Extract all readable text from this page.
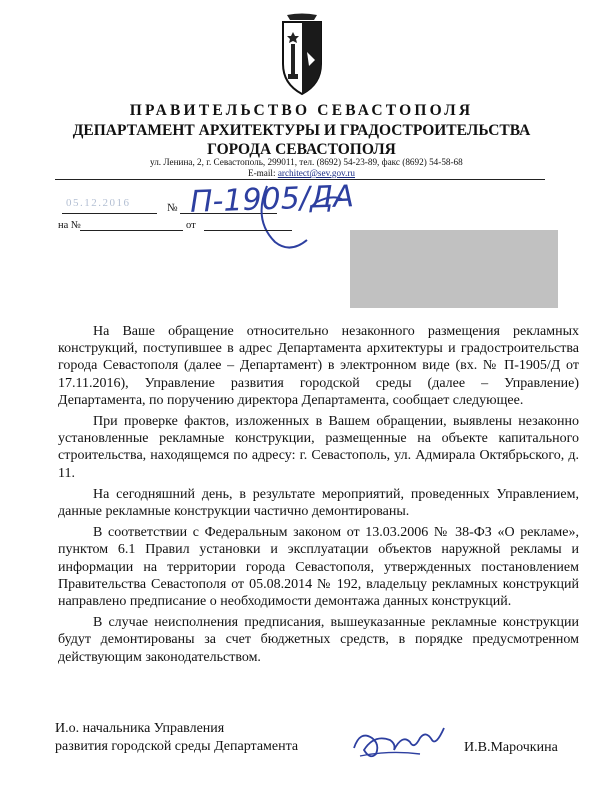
ПРАВИТЕЛЬСТВО СЕВАСТОПОЛЯ
ДЕПАРТАМЕНТ АРХИТЕКТУРЫ И ГРАДОСТРОИТЕЛЬСТВА
ГОРОДА СЕВАСТОПОЛЯ
ул. Ленина, 2, г. Севастополь, 299011, тел. (8692) 54-23-89, факс (8692) 54-58-68
E-mail: architect@sev.gov.ru
05.12.2016	№ П-1905/ДА
на №	от

На Ваше обращение относительно незаконного размещения рекламных конструкций, поступившее в адрес Департамента архитектуры и градостроительства города Севастополя (далее – Департамент) в электронном виде (вх. № П-1905/Д от 17.11.2016), Управление развития городской среды (далее – Управление) Департамента, по поручению директора Департамента, сообщает следующее.

При проверке фактов, изложенных в Вашем обращении, выявлены незаконно установленные рекламные конструкции, размещенные на объекте капитального строительства, находящемся по адресу: г. Севастополь, ул. Адмирала Октябрьского, д. 11.

На сегодняшний день, в результате мероприятий, проведенных Управлением, данные рекламные конструкции частично демонтированы.

В соответствии с Федеральным законом от 13.03.2006 № 38-ФЗ «О рекламе», пунктом 6.1 Правил установки и эксплуатации объектов наружной рекламы и информации на территории города Севастополя, утвержденных постановлением Правительства Севастополя от 05.08.2014 № 192, владельцу рекламных конструкций направлено предписание о необходимости демонтажа данных конструкций.

В случае неисполнения предписания, вышеуказанные рекламные конструкции будут демонтированы за счет бюджетных средств, в порядке предусмотренном действующим законодательством.

И.о. начальника Управления
развития городской среды Департамента	И.В.Марочкина
